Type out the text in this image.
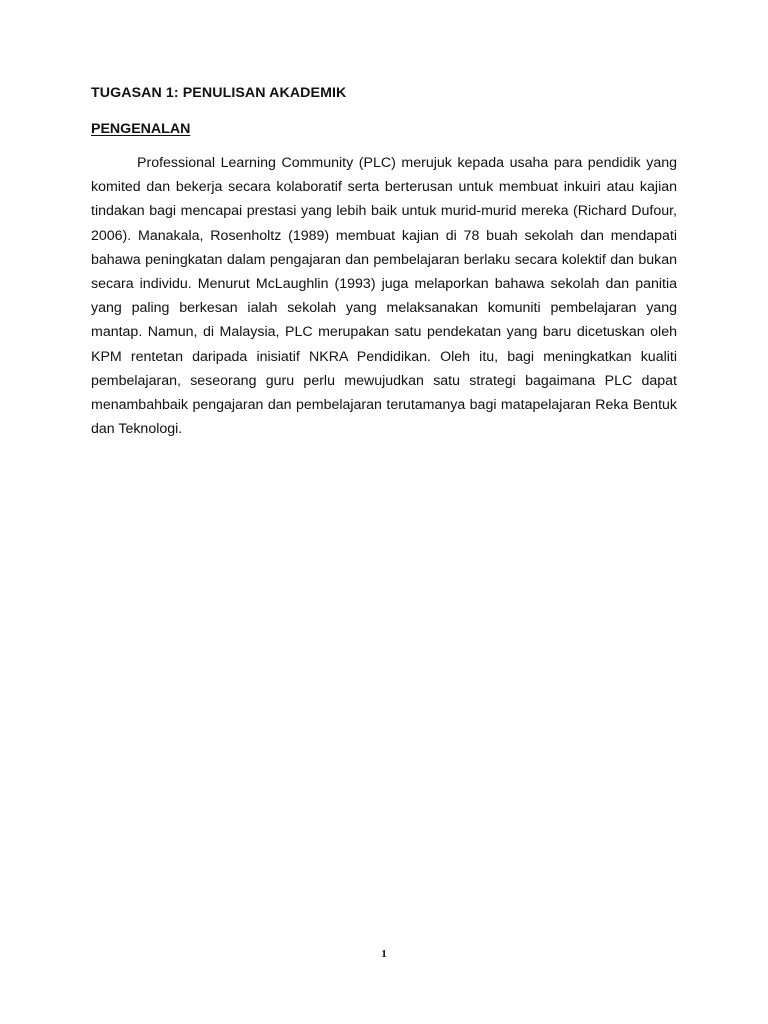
TUGASAN 1: PENULISAN AKADEMIK
PENGENALAN

Professional Learning Community (PLC) merujuk kepada usaha para pendidik yang komited dan bekerja secara kolaboratif serta berterusan untuk membuat inkuiri atau kajian tindakan bagi mencapai prestasi yang lebih baik untuk murid-murid mereka (Richard Dufour, 2006). Manakala, Rosenholtz (1989) membuat kajian di 78 buah sekolah dan mendapati bahawa peningkatan dalam pengajaran dan pembelajaran berlaku secara kolektif dan bukan secara individu. Menurut McLaughlin (1993) juga melaporkan bahawa sekolah dan panitia yang paling berkesan ialah sekolah yang melaksanakan komuniti pembelajaran yang mantap. Namun, di Malaysia, PLC merupakan satu pendekatan yang baru dicetuskan oleh KPM rentetan daripada inisiatif NKRA Pendidikan. Oleh itu, bagi meningkatkan kualiti pembelajaran, seseorang guru perlu mewujudkan satu strategi bagaimana PLC dapat menambahbaik pengajaran dan pembelajaran terutamanya bagi matapelajaran Reka Bentuk dan Teknologi.

1
